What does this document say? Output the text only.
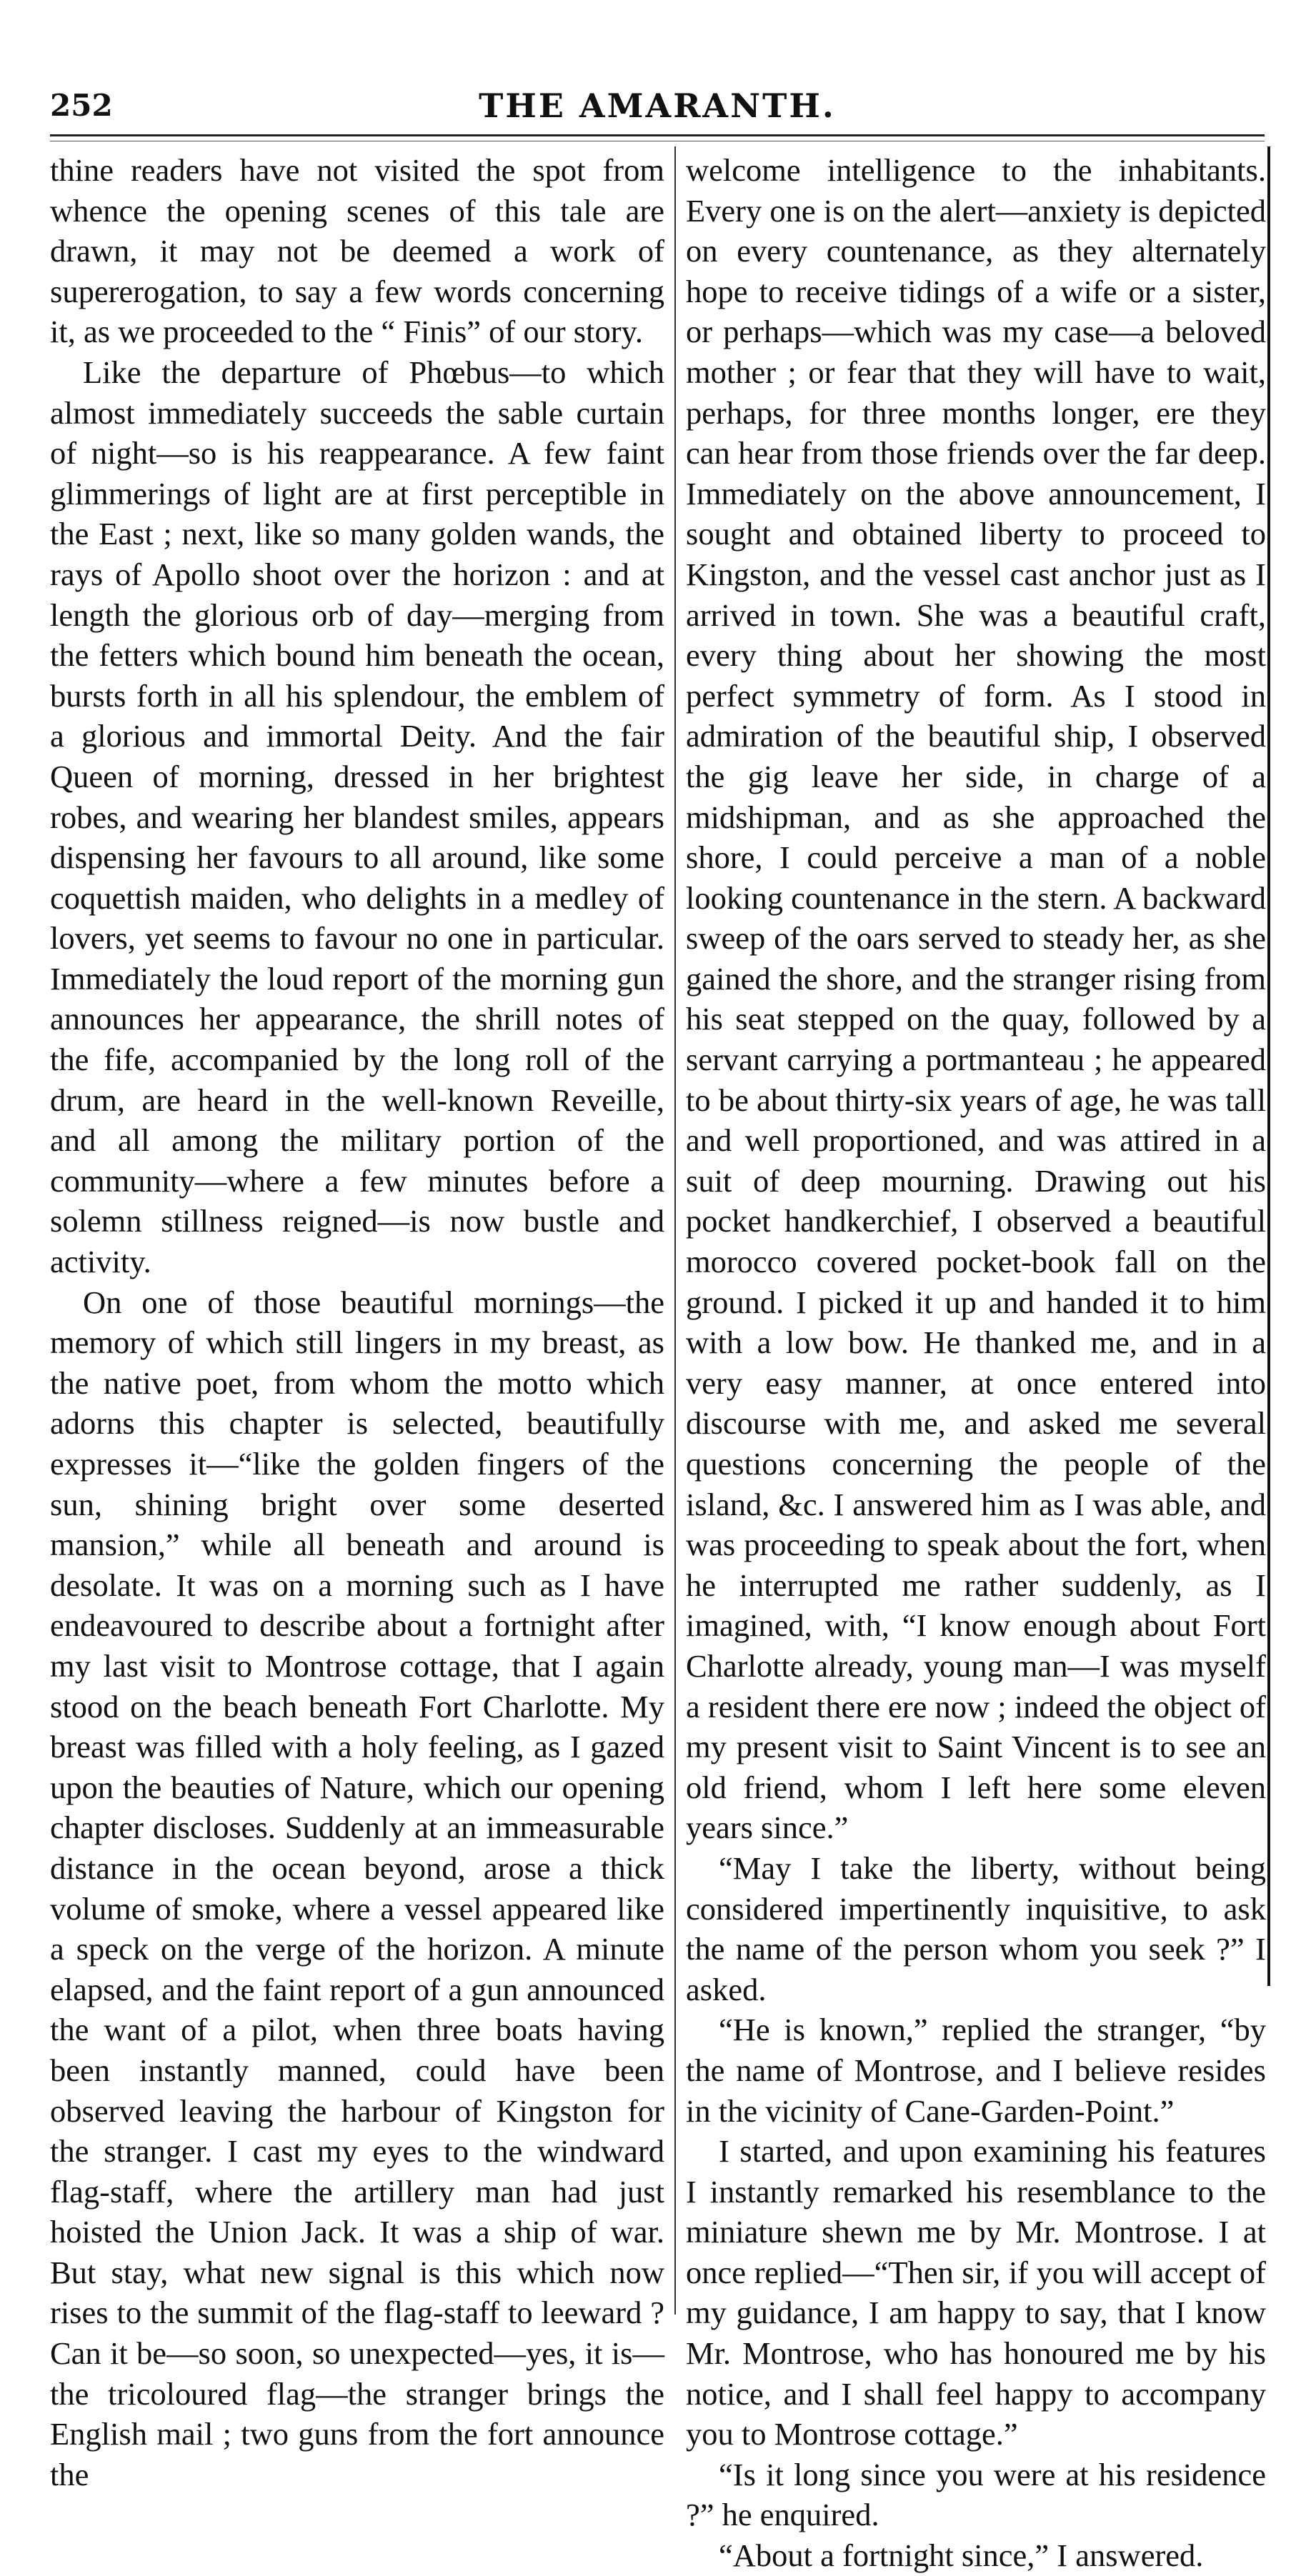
252	THE AMARANTH.

thine readers have not visited the spot from whence the opening scenes of this tale are drawn, it may not be deemed a work of supererogation, to say a few words concerning it, as we proceeded to the “ Finis” of our story.

Like the departure of Phœbus—to which almost immediately succeeds the sable curtain of night—so is his reappearance. A few faint glimmerings of light are at first perceptible in the East ; next, like so many golden wands, the rays of Apollo shoot over the horizon : and at length the glorious orb of day—merging from the fetters which bound him beneath the ocean, bursts forth in all his splendour, the emblem of a glorious and immortal Deity. And the fair Queen of morning, dressed in her brightest robes, and wearing her blandest smiles, appears dispensing her favours to all around, like some coquettish maiden, who delights in a medley of lovers, yet seems to favour no one in particular. Immediately the loud report of the morning gun announces her appearance, the shrill notes of the fife, accompanied by the long roll of the drum, are heard in the well-known Reveille, and all among the military portion of the community—where a few minutes before a solemn stillness reigned—is now bustle and activity.

On one of those beautiful mornings—the memory of which still lingers in my breast, as the native poet, from whom the motto which adorns this chapter is selected, beautifully expresses it—“like the golden fingers of the sun, shining bright over some deserted mansion,” while all beneath and around is desolate. It was on a morning such as I have endeavoured to describe about a fortnight after my last visit to Montrose cottage, that I again stood on the beach beneath Fort Charlotte. My breast was filled with a holy feeling, as I gazed upon the beauties of Nature, which our opening chapter discloses. Suddenly at an immeasurable distance in the ocean beyond, arose a thick volume of smoke, where a vessel appeared like a speck on the verge of the horizon. A minute elapsed, and the faint report of a gun announced the want of a pilot, when three boats having been instantly manned, could have been observed leaving the harbour of Kingston for the stranger. I cast my eyes to the windward flag-staff, where the artillery man had just hoisted the Union Jack. It was a ship of war. But stay, what new signal is this which now rises to the summit of the flag-staff to leeward ? Can it be—so soon, so unexpected—yes, it is—the tricoloured flag—the stranger brings the English mail ; two guns from the fort announce the

welcome intelligence to the inhabitants. Every one is on the alert—anxiety is depicted on every countenance, as they alternately hope to receive tidings of a wife or a sister, or perhaps—which was my case—a beloved mother ; or fear that they will have to wait, perhaps, for three months longer, ere they can hear from those friends over the far deep. Immediately on the above announcement, I sought and obtained liberty to proceed to Kingston, and the vessel cast anchor just as I arrived in town. She was a beautiful craft, every thing about her showing the most perfect symmetry of form. As I stood in admiration of the beautiful ship, I observed the gig leave her side, in charge of a midshipman, and as she approached the shore, I could perceive a man of a noble looking countenance in the stern. A backward sweep of the oars served to steady her, as she gained the shore, and the stranger rising from his seat stepped on the quay, followed by a servant carrying a portmanteau ; he appeared to be about thirty-six years of age, he was tall and well proportioned, and was attired in a suit of deep mourning. Drawing out his pocket handkerchief, I observed a beautiful morocco covered pocket-book fall on the ground. I picked it up and handed it to him with a low bow. He thanked me, and in a very easy manner, at once entered into discourse with me, and asked me several questions concerning the people of the island, &c. I answered him as I was able, and was proceeding to speak about the fort, when he interrupted me rather suddenly, as I imagined, with, “I know enough about Fort Charlotte already, young man—I was myself a resident there ere now ; indeed the object of my present visit to Saint Vincent is to see an old friend, whom I left here some eleven years since.”

“May I take the liberty, without being considered impertinently inquisitive, to ask the name of the person whom you seek ?” I asked.

“He is known,” replied the stranger, “by the name of Montrose, and I believe resides in the vicinity of Cane-Garden-Point.”

I started, and upon examining his features I instantly remarked his resemblance to the miniature shewn me by Mr. Montrose. I at once replied—“Then sir, if you will accept of my guidance, I am happy to say, that I know Mr. Montrose, who has honoured me by his notice, and I shall feel happy to accompany you to Montrose cottage.”

“Is it long since you were at his residence ?” he enquired.

“About a fortnight since,” I answered.
